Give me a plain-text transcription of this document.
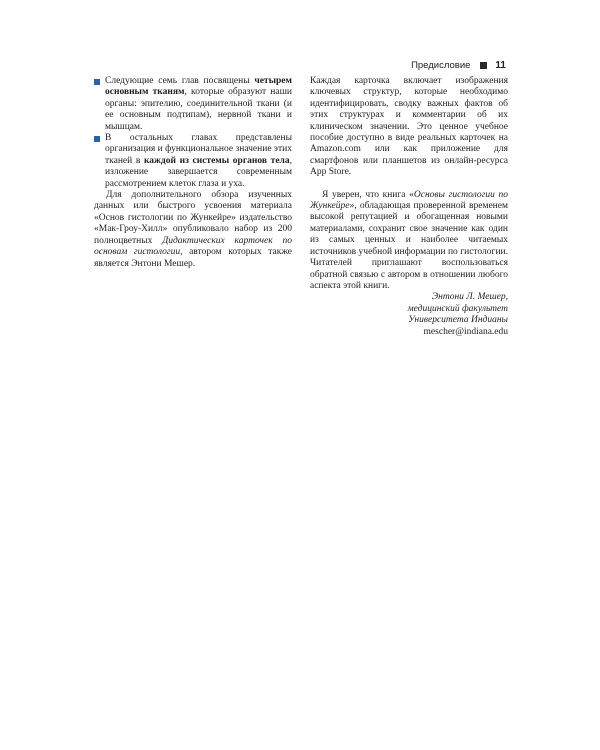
Предисловие	11
Следующие семь глав посвящены четырем основным тканям, которые образуют наши органы: эпителию, соединительной ткани (и ее основным подтипам), нервной ткани и мышцам.
В остальных главах представлены организация и функциональное значение этих тканей в каждой из системы органов тела, изложение завершается современным рассмотрением клеток глаза и уха.

Для дополнительного обзора изученных данных или быстрого усвоения материала «Основ гистологии по Жункейре» издательство «Мак-Гроу-Хилл» опубликовало набор из 200 полноцветных Дидактических карточек по основам гистологии, автором которых также является Энтони Мешер.

Каждая карточка включает изображения ключевых структур, которые необходимо идентифицировать, сводку важных фактов об этих структурах и комментарии об их клиническом значении. Это ценное учебное пособие доступно в виде реальных карточек на Amazon.com или как приложение для смартфонов или планшетов из онлайн-ресурса App Store.

Я уверен, что книга «Основы гистологии по Жункейре», обладающая проверенной временем высокой репутацией и обогащенная новыми материалами, сохранит свое значение как один из самых ценных и наиболее читаемых источников учебной информации по гистологии. Читателей приглашают воспользоваться обратной связью с автором в отношении любого аспекта этой книги.

Энтони Л. Мешер,

медицинский факультет

Университета Индианы

mescher@indiana.edu
